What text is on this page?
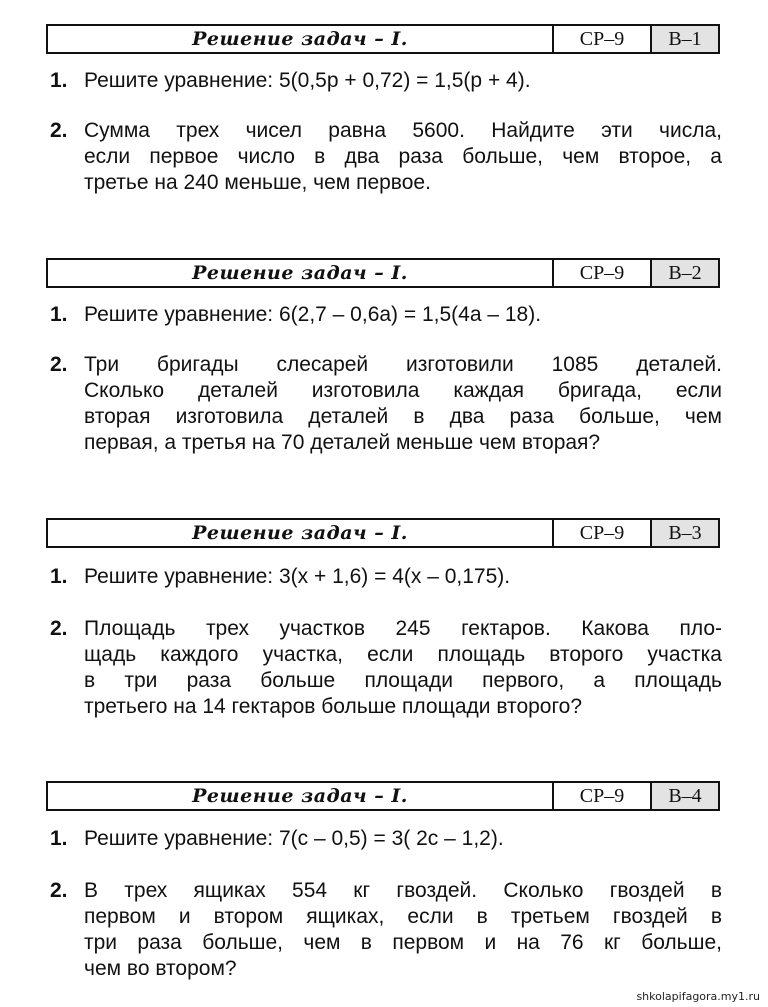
Решение задач – I.	СР–9	В–1
1. Решите уравнение: 5(0,5p + 0,72) = 1,5(p + 4).
2. Сумма трех чисел равна 5600. Найдите эти числа,
если первое число в два раза больше, чем второе, а
третье на 240 меньше, чем первое.
Решение задач – I.	СР–9	В–2
1. Решите уравнение: 6(2,7 – 0,6a) = 1,5(4a – 18).
2. Три бригады слесарей изготовили 1085 деталей.
Сколько деталей изготовила каждая бригада, если
вторая изготовила деталей в два раза больше, чем
первая, а третья на 70 деталей меньше чем вторая?
Решение задач – I.	СР–9	В–3
1. Решите уравнение: 3(x + 1,6) = 4(x – 0,175).
2. Площадь трех участков 245 гектаров. Какова пло-
щадь каждого участка, если площадь второго участка
в три раза больше площади первого, а площадь
третьего на 14 гектаров больше площади второго?
Решение задач – I.	СР–9	В–4
1. Решите уравнение: 7(c – 0,5) = 3( 2c – 1,2).
2. В трех ящиках 554 кг гвоздей. Сколько гвоздей в
первом и втором ящиках, если в третьем гвоздей в
три раза больше, чем в первом и на 76 кг больше,
чем во втором?
shkolapifagora.my1.ru
